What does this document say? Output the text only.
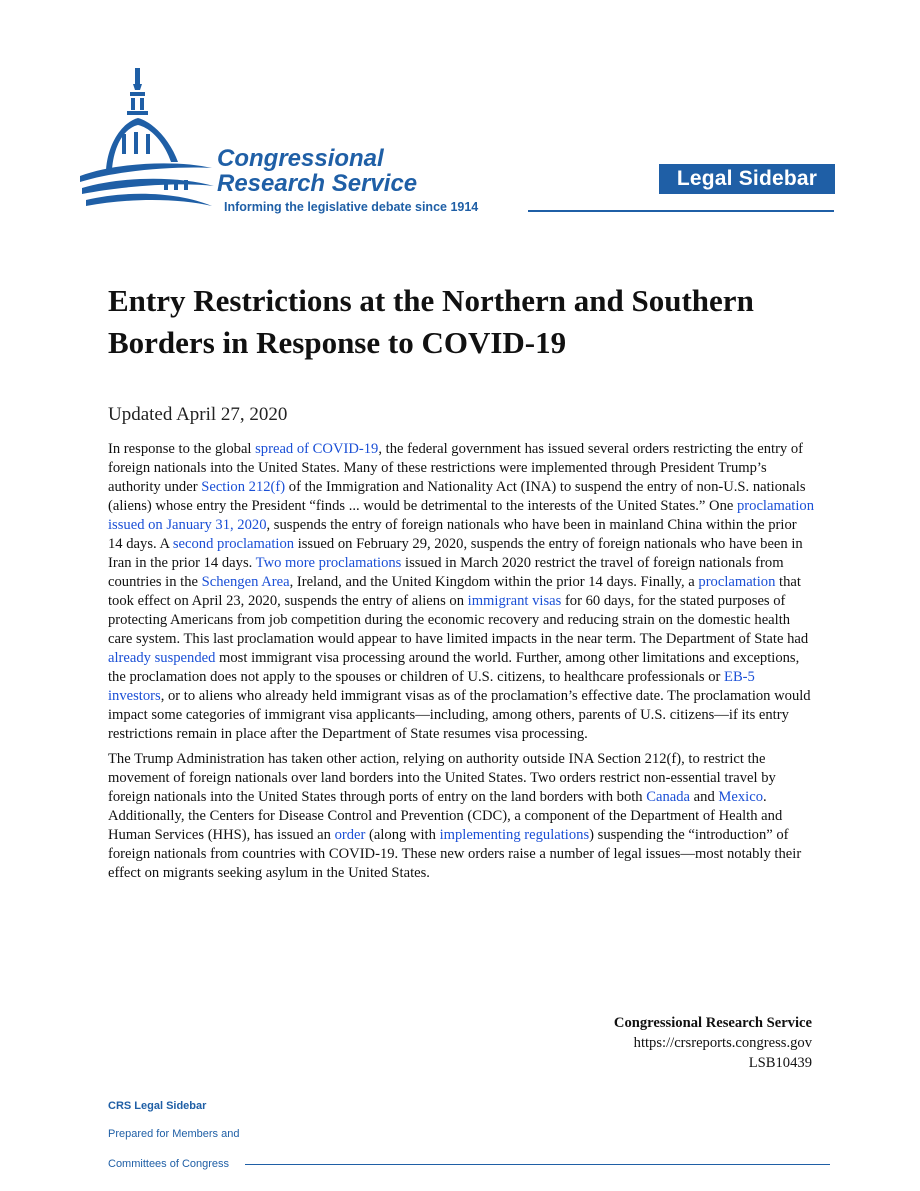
Congressional
Research Service
Informing the legislative debate since 1914
Legal Sidebar
Entry Restrictions at the Northern and Southern Borders in Response to COVID-19
Updated April 27, 2020

In response to the global spread of COVID-19, the federal government has issued several orders restricting the entry of foreign nationals into the United States. Many of these restrictions were implemented through President Trump’s authority under Section 212(f) of the Immigration and Nationality Act (INA) to suspend the entry of non-U.S. nationals (aliens) whose entry the President “finds ... would be detrimental to the interests of the United States.” One proclamation issued on January 31, 2020, suspends the entry of foreign nationals who have been in mainland China within the prior 14 days. A second proclamation issued on February 29, 2020, suspends the entry of foreign nationals who have been in Iran in the prior 14 days. Two more proclamations issued in March 2020 restrict the travel of foreign nationals from countries in the Schengen Area, Ireland, and the United Kingdom within the prior 14 days. Finally, a proclamation that took effect on April 23, 2020, suspends the entry of aliens on immigrant visas for 60 days, for the stated purposes of protecting Americans from job competition during the economic recovery and reducing strain on the domestic health care system. This last proclamation would appear to have limited impacts in the near term. The Department of State had already suspended most immigrant visa processing around the world. Further, among other limitations and exceptions, the proclamation does not apply to the spouses or children of U.S. citizens, to healthcare professionals or EB-5 investors, or to aliens who already held immigrant visas as of the proclamation’s effective date. The proclamation would impact some categories of immigrant visa applicants—including, among others, parents of U.S. citizens—if its entry restrictions remain in place after the Department of State resumes visa processing.

The Trump Administration has taken other action, relying on authority outside INA Section 212(f), to restrict the movement of foreign nationals over land borders into the United States. Two orders restrict non-essential travel by foreign nationals into the United States through ports of entry on the land borders with both Canada and Mexico. Additionally, the Centers for Disease Control and Prevention (CDC), a component of the Department of Health and Human Services (HHS), has issued an order (along with implementing regulations) suspending the “introduction” of foreign nationals from countries with COVID-19. These new orders raise a number of legal issues—most notably their effect on migrants seeking asylum in the United States.

Congressional Research Service
https://crsreports.congress.gov
LSB10439
CRS Legal Sidebar
Prepared for Members and
Committees of Congress
